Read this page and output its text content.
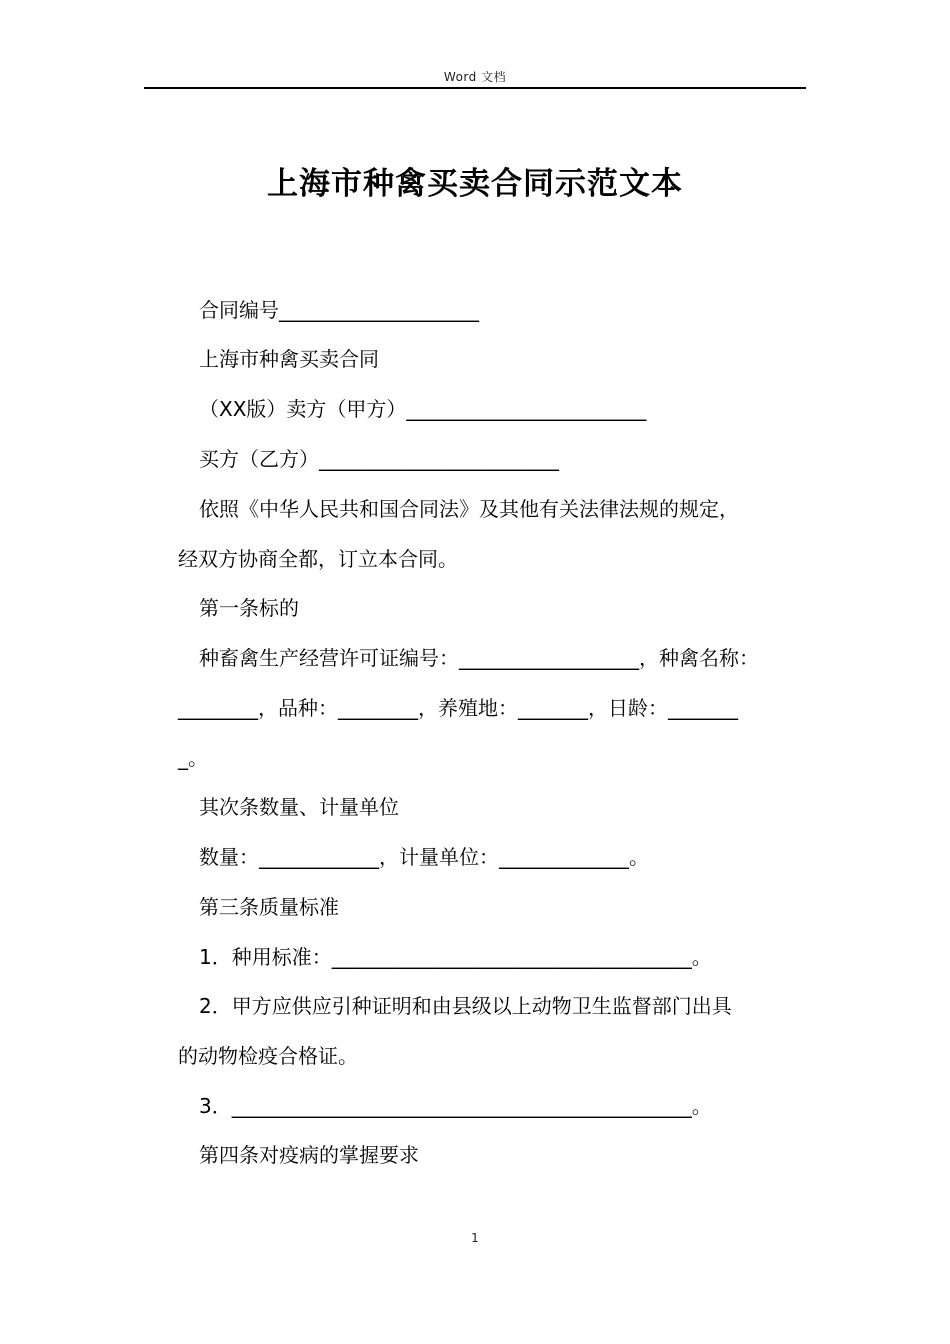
Word 文档
上海市种禽买卖合同示范文本
合同编号____________________
上海市种禽买卖合同
（XX版）卖方（甲方）________________________
买方（乙方）________________________
依照《中华人民共和国合同法》及其他有关法律法规的规定，
经双方协商全都，订立本合同。
第一条标的
种畜禽生产经营许可证编号：__________________，种禽名称：
________，品种：________，养殖地：_______，日龄：_______
_。
其次条数量、计量单位
数量：____________，计量单位：_____________。
第三条质量标准
1．种用标准：____________________________________。
2．甲方应供应引种证明和由县级以上动物卫生监督部门出具
的动物检疫合格证。
3．______________________________________________。
第四条对疫病的掌握要求
1
